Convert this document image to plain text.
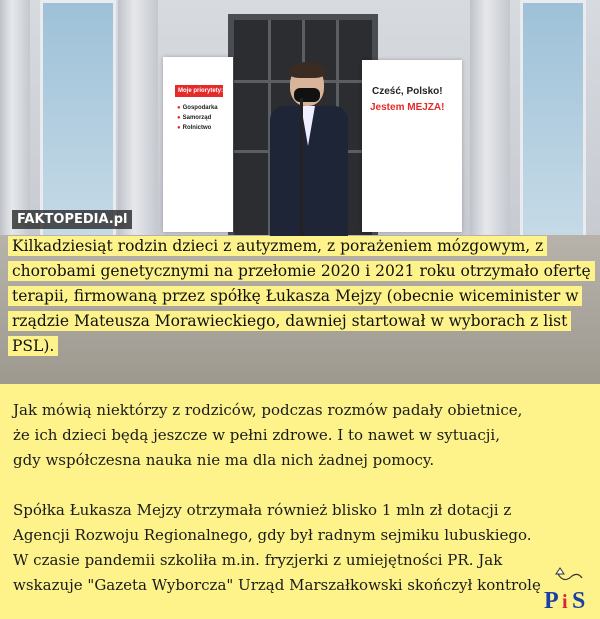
Moje priorytety:
● Gospodarka
● Samorząd
● Rolnictwo
Cześć, Polsko!
Jestem MEJZA!
FAKTOPEDIA.pl
Kilkadziesiąt rodzin dzieci z autyzmem, z porażeniem mózgowym, z chorobami genetycznymi na przełomie 2020 i 2021 roku otrzymało ofertę terapii, firmowaną przez spółkę Łukasza Mejzy (obecnie wiceminister w rządzie Mateusza Morawieckiego, dawniej startował w wyborach z list PSL).

Jak mówią niektórzy z rodziców, podczas rozmów padały obietnice,
że ich dzieci będą jeszcze w pełni zdrowe. I to nawet w sytuacji,
gdy współczesna nauka nie ma dla nich żadnej pomocy.

Spółka Łukasza Mejzy otrzymała również blisko 1 mln zł dotacji z
Agencji Rozwoju Regionalnego, gdy był radnym sejmiku lubuskiego.
W czasie pandemii szkoliła m.in. fryzjerki z umiejętności PR. Jak
wskazuje "Gazeta Wyborcza" Urząd Marszałkowski skończył kontrolę

P i S
